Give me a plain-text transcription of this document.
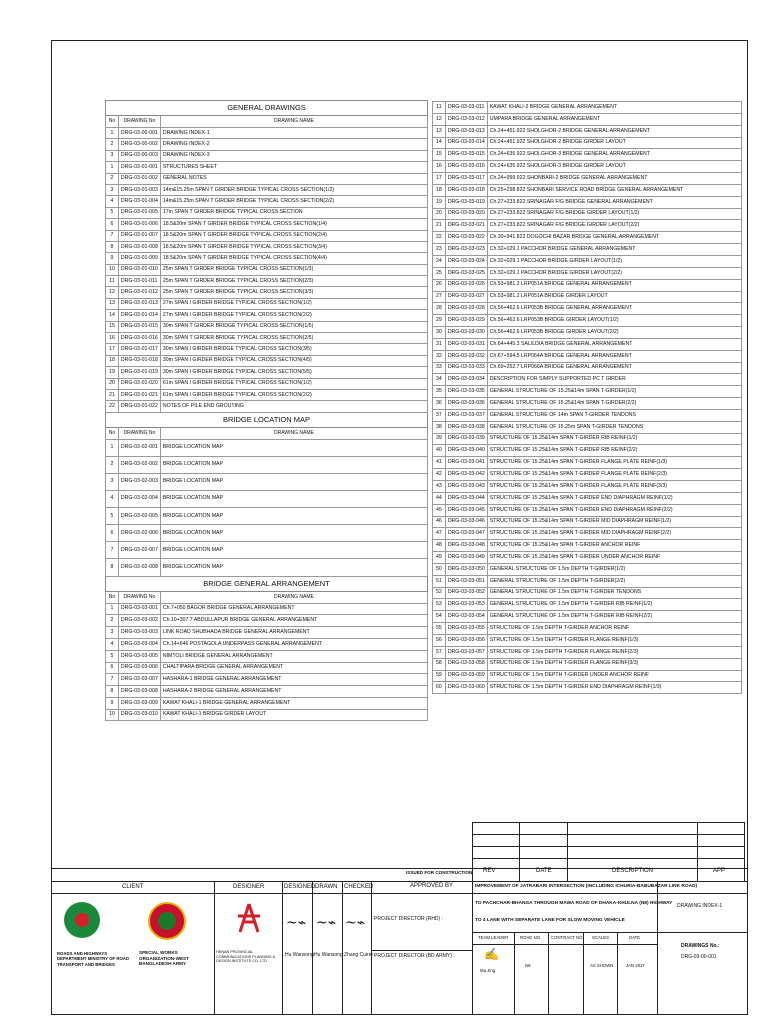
GENERAL DRAWINGS		
No	DRAWING No	DRAWING NAME
1	DRG-03-00-001	DRAWING INDEX-1
2	DRG-03-00-002	DRAWING INDEX-2
3	DRG-03-00-003	DRAWING INDEX-3
1	DRG-03-01-001	STRUCTURES SHEET
2	DRG-03-01-002	GENERAL NOTES
3	DRG-03-01-003	14m&15.25m SPAN T GIRDER BRIDGE TYPICAL CROSS SECTION(1/2)
4	DRG-03-01-004	14m&15.25m SPAN T GIRDER BRIDGE TYPICAL CROSS SECTION(2/2)
5	DRG-03-01-005	17m SPAN T GIRDER BRIDGE TYPICAL CROSS SECTION
6	DRG-03-01-006	18.5&20m SPAN T GIRDER BRIDGE TYPICAL CROSS SECTION(1/4)
7	DRG-03-01-007	18.5&20m SPAN T GIRDER BRIDGE TYPICAL CROSS SECTION(2/4)
8	DRG-03-01-008	18.5&20m SPAN T GIRDER BRIDGE TYPICAL CROSS SECTION(3/4)
9	DRG-03-01-009	18.5&20m SPAN T GIRDER BRIDGE TYPICAL CROSS SECTION(4/4)
10	DRG-03-01-010	25m SPAN T GIRDER BRIDGE TYPICAL CROSS SECTION(1/3)
11	DRG-03-01-011	25m SPAN T GIRDER BRIDGE TYPICAL CROSS SECTION(2/3)
12	DRG-03-01-012	25m SPAN T GIRDER BRIDGE TYPICAL CROSS SECTION(3/3)
13	DRG-03-01-013	27m SPAN I GIRDER BRIDGE TYPICAL CROSS SECTION(1/2)
14	DRG-03-01-014	27m SPAN I GIRDER BRIDGE TYPICAL CROSS SECTION(2/2)
15	DRG-03-01-015	30m SPAN T GIRDER BRIDGE TYPICAL CROSS SECTION(1/5)
16	DRG-03-01-016	30m SPAN T GIRDER BRIDGE TYPICAL CROSS SECTION(2/5)
17	DRG-03-01-017	30m SPAN I GIRDER BRIDGE TYPICAL CROSS SECTION(3/5)
18	DRG-03-01-018	30m SPAN I GIRDER BRIDGE TYPICAL CROSS SECTION(4/5)
19	DRG-03-01-019	30m SPAN I GIRDER BRIDGE TYPICAL CROSS SECTION(5/5)
20	DRG-03-01-020	61m SPAN I GIRDER BRIDGE TYPICAL CROSS SECTION(1/2)
21	DRG-03-01-021	61m SPAN I GIRDER BRIDGE TYPICAL CROSS SECTION(2/2)
22	DRG-03-01-022	NOTES OF PILE END GROUTING
BRIDGE LOCATION MAP		
No	DRAWING No	DRAWING NAME
1	DRG-03-02-001	BRIDGE LOCATION MAP
2	DRG-03-02-002	BRIDGE LOCATION MAP
3	DRG-03-02-003	BRIDGE LOCATION MAP
4	DRG-03-02-004	BRIDGE LOCATION MAP
5	DRG-03-02-005	BRIDGE LOCATION MAP
6	DRG-03-02-006	BRIDGE LOCATION MAP
7	DRG-03-02-007	BRIDGE LOCATION MAP
8	DRG-03-02-008	BRIDGE LOCATION MAP
BRIDGE GENERAL ARRANGEMENT		
No	DRAWING No	DRAWING NAME
1	DRG-03-03-001	Ch.7+050 BAGOR BRIDGE GENERAL ARRANGEMENT
2	DRG-03-03-002	Ch.10+307.7 ABDULLAPUR BRIDGE GENERAL ARRANGEMENT
3	DRG-03-03-003	LINK ROAD SHUBHADA BRIDGE GENERAL ARRANGEMENT
4	DRG-03-03-004	Ch.14+646 POSTAGOLA UNDERPASS GENERAL ARRANGEMENT
5	DRG-03-03-005	NIMTOLI BRIDGE GENERAL ARRANGEMENT
6	DRG-03-03-006	CHALTIPARA BRIDGE GENERAL ARRANGEMENT
7	DRG-03-03-007	HASHARA-1 BRIDGE GENERAL ARRANGEMENT
8	DRG-03-03-008	HASHARA-2 BRIDGE GENERAL ARRANGEMENT
9	DRG-03-03-009	KAWAT KHALI-1 BRIDGE GENERAL ARRANGEMENT
10	DRG-03-03-010	KAWAT KHALI-1 BRIDGE GIRDER LAYOUT
11	DRG-03-03-011	KAWAT KHALI-2 BRIDGE GENERAL ARRANGEMENT
12	DRG-03-03-012	UMPARA BRIDGE GENERAL ARRANGEMENT
13	DRG-03-03-013	Ch.24+451.922 SHOLGHOR-2 BRIDGE GENERAL ARRANGEMENT
14	DRG-03-03-014	Ch.24+451.922 SHOLGHOR-2 BRIDGE GIRDER LAYOUT
15	DRG-03-03-015	Ch.24+635.922 SHOLGHOR-3 BRIDGE GENERAL ARRANGEMENT
16	DRG-03-03-016	Ch.24+635.922 SHOLGHOR-3 BRIDGE GIRDER LAYOUT
17	DRG-03-03-017	Ch.24+999.922 SHONBARI-2 BRIDGE GENERAL ARRANGEMENT
18	DRG-03-03-018	Ch.25+298.822 SHONBARI SERVICE ROAD BRIDGE GENERAL ARRANGEMENT
19	DRG-03-03-019	Ch.27+233.822 SRINAGAR F/G BRIDGE GENERAL ARRANGEMENT
20	DRG-03-03-020	Ch.27+233.822 SRINAGAR F/G BRIDGE GIRDER LAYOUT(1/2)
21	DRG-03-03-021	Ch.27+233.822 SRINAGAR F/G BRIDGE GIRDER LAYOUT(2/2)
22	DRG-03-03-022	Ch.30+941.822 DOGOCHI BAZAR BRIDGE GENERAL ARRANGEMENT
23	DRG-03-03-023	Ch.32+029.1 PACCHOR BRIDGE GENERAL ARRANGEMENT
24	DRG-03-03-024	Ch.32+029.1 PACCHOR BRIDGE GIRDER LAYOUT(1/2)
25	DRG-03-03-025	Ch.32+029.1 PACCHOR BRIDGE GIRDER LAYOUT(2/2)
26	DRG-03-03-026	Ch.53+981.2 LRP051A BRIDGE GENERAL ARRANGEMENT
27	DRG-03-03-027	Ch.53+981.2 LRP051A BRIDGE GIRDER LAYOUT
28	DRG-03-03-028	Ch.56+462.6 LRP053B BRIDGE GENERAL ARRANGEMENT
29	DRG-03-03-029	Ch.56+462.6 LRP053B BRIDGE GIRDER LAYOUT(1/2)
30	DRG-03-03-030	Ch.56+462.6 LRP053B BRIDGE GIRDER LAYOUT(2/2)
31	DRG-03-03-031	Ch.64+445.3 SALILDIA BRIDGE GENERAL ARRANGEMENT
32	DRG-03-03-032	Ch.67+594.5 LRP064A BRIDGE GENERAL ARRANGEMENT
33	DRG-03-03-033	Ch.69+252.7 LRP066A BRIDGE GENERAL ARRANGEMENT
34	DRG-03-03-034	DESCRIPTION FOR SIMPLY SUPPORTED PC T GIRDER
35	DRG-03-03-035	GENERAL STRUCTURE OF 15.25&14m SPAN T-GIRDER(1/2)
36	DRG-03-03-036	GENERAL STRUCTURE OF 15.25&14m SPAN T-GIRDER(2/2)
37	DRG-03-03-037	GENERAL STRUCTURE OF 14m SPAN T-GIRDER TENDONS
38	DRG-03-03-038	GENERAL STRUCTURE OF 15.25m SPAN T-GIRDER TENDONS
39	DRG-03-03-039	STRUCTURE OF 15.25&14m SPAN T-GIRDER RIB REINF(1/2)
40	DRG-03-03-040	STRUCTURE OF 15.25&14m SPAN T-GIRDER RIB REINF(2/2)
41	DRG-03-03-041	STRUCTURE OF 15.25&14m SPAN T-GIRDER FLANGE PLATE REINF(1/3)
42	DRG-03-03-042	STRUCTURE OF 15.25&14m SPAN T-GIRDER FLANGE PLATE REINF(2/3)
43	DRG-03-03-043	STRUCTURE OF 15.25&14m SPAN T-GIRDER FLANGE PLATE REINF(3/3)
44	DRG-03-03-044	STRUCTURE OF 15.25&14m SPAN T-GIRDER END DIAPHRAGM REINF(1/2)
45	DRG-03-03-045	STRUCTURE OF 15.25&14m SPAN T-GIRDER END DIAPHRAGM REINF(2/2)
46	DRG-03-03-046	STRUCTURE OF 15.25&14m SPAN T-GIRDER MID DIAPHRAGM REINF(1/2)
47	DRG-03-03-047	STRUCTURE OF 15.25&14m SPAN T-GIRDER MID DIAPHRAGM REINF(2/2)
48	DRG-03-03-048	STRUCTURE OF 15.25&14m SPAN T-GIRDER ANCHOR REINF
49	DRG-03-03-049	STRUCTURE OF 15.25&14m SPAN T-GIRDER UNDER ANCHOR REINF
50	DRG-03-03-050	GENERAL STRUCTURE OF 1.5m DEPTH T-GIRDER(1/2)
51	DRG-03-03-051	GENERAL STRUCTURE OF 1.5m DEPTH T-GIRDER(2/2)
52	DRG-03-03-052	GENERAL STRUCTURE OF 1.5m DEPTH T-GIRDER TENDONS
53	DRG-03-03-053	GENERAL STRUCTURE OF 1.5m DEPTH T-GIRDER RIB REINF(1/2)
54	DRG-03-03-054	GENERAL STRUCTURE OF 1.5m DEPTH T-GIRDER RIB REINF(2/2)
55	DRG-03-03-055	STRUCTURE OF 1.5m DEPTH T-GIRDER ANCHOR REINF
56	DRG-03-03-056	STRUCTURE OF 1.5m DEPTH T-GIRDER FLANGE REINF(1/3)
57	DRG-03-03-057	STRUCTURE OF 1.5m DEPTH T-GIRDER FLANGE REINF(2/3)
58	DRG-03-03-058	STRUCTURE OF 1.5m DEPTH T-GIRDER FLANGE REINF(3/3)
59	DRG-03-03-059	STRUCTURE OF 1.5m DEPTH T-GIRDER UNDER ANCHOR REINF
60	DRG-03-03-060	STRUCTURE OF 1.5m DEPTH T-GIRDER END DIAPHRAGM REINF(1/3)
ISSUED FOR CONSTRUCTION REV	DATE	DESCRIPTION	APP
CLIENT	DESIGNER	DESIGNED DRAWN CHECKED	APPROVED BY
ROADS AND HIGHWAYS DEPARTMENT MINISTRY OF ROAD TRANSPORT AND BRIDGES
SPECIAL WORKS ORGANIZATION-WEST BANGLADESH ARMY
HENAN PROVINCIAL COMMUNICATIONS PLANNING & DESIGN INSTITUTE CO.,LTD
~⌁ ~⌁ ~⌁
Hu Wansong Hu Wansong Zhang Cuirei
PROJECT DIRECTOR (RHD) :
PROJECT DIRECTOR (BD ARMY) :
IMPROVEMENT OF JATRABARI INTERSECTION (INCLUDING ICHURIA-BABUBAZAR LINK ROAD)
TO PACHCHAR-BHANGA THROUGH MAWA ROAD OF DHAKA-KHULNA (N8) HIGHWAY
TO 4 LANE WITH SEPARATE LANE FOR SLOW MOVING VEHICLE
TEAM LEADER	ROAD NO. CONTRACT NO. SCALES	DATE
✍
Ma Jing
N8	AS SHOWN	JAN 2017
DRAWING INDEX-1
DRAWINGS No.:
DRG-03-00-001
